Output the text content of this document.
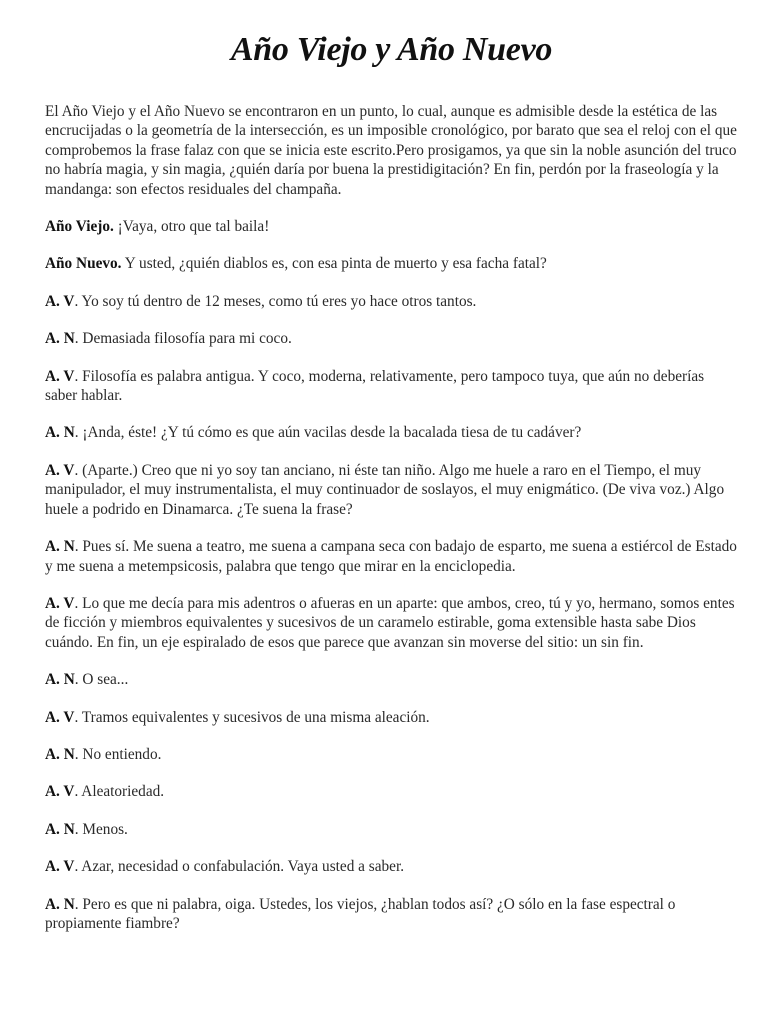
Año Viejo y Año Nuevo

El Año Viejo y el Año Nuevo se encontraron en un punto, lo cual, aunque es admisible desde la estética de las encrucijadas o la geometría de la intersección, es un imposible cronológico, por barato que sea el reloj con el que comprobemos la frase falaz con que se inicia este escrito.Pero prosigamos, ya que sin la noble asunción del truco no habría magia, y sin magia, ¿quién daría por buena la prestidigitación? En fin, perdón por la fraseología y la mandanga: son efectos residuales del champaña.

Año Viejo. ¡Vaya, otro que tal baila!

Año Nuevo. Y usted, ¿quién diablos es, con esa pinta de muerto y esa facha fatal?

A. V. Yo soy tú dentro de 12 meses, como tú eres yo hace otros tantos.

A. N. Demasiada filosofía para mi coco.

A. V. Filosofía es palabra antigua. Y coco, moderna, relativamente, pero tampoco tuya, que aún no deberías saber hablar.

A. N. ¡Anda, éste! ¿Y tú cómo es que aún vacilas desde la bacalada tiesa de tu cadáver?

A. V. (Aparte.) Creo que ni yo soy tan anciano, ni éste tan niño. Algo me huele a raro en el Tiempo, el muy manipulador, el muy instrumentalista, el muy continuador de soslayos, el muy enigmático. (De viva voz.) Algo huele a podrido en Dinamarca. ¿Te suena la frase?

A. N. Pues sí. Me suena a teatro, me suena a campana seca con badajo de esparto, me suena a estiércol de Estado y me suena a metempsicosis, palabra que tengo que mirar en la enciclopedia.

A. V. Lo que me decía para mis adentros o afueras en un aparte: que ambos, creo, tú y yo, hermano, somos entes de ficción y miembros equivalentes y sucesivos de un caramelo estirable, goma extensible hasta sabe Dios cuándo. En fin, un eje espiralado de esos que parece que avanzan sin moverse del sitio: un sin fin.

A. N. O sea...

A. V. Tramos equivalentes y sucesivos de una misma aleación.

A. N. No entiendo.

A. V. Aleatoriedad.

A. N. Menos.

A. V. Azar, necesidad o confabulación. Vaya usted a saber.

A. N. Pero es que ni palabra, oiga. Ustedes, los viejos, ¿hablan todos así? ¿O sólo en la fase espectral o propiamente fiambre?
